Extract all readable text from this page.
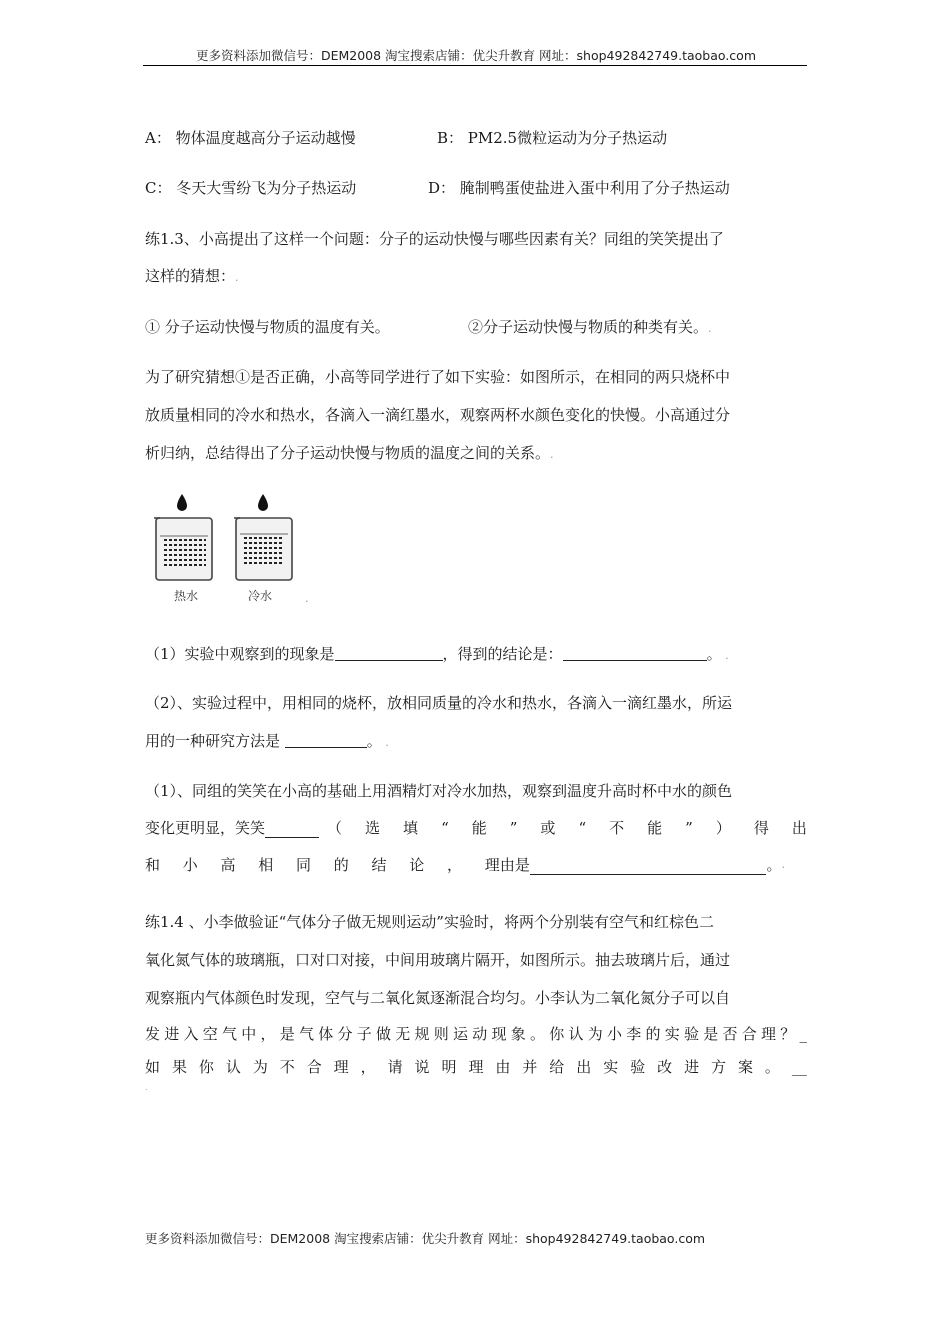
更多资料添加微信号：DEM2008 淘宝搜索店铺：优尖升教育 网址：shop492842749.taobao.com
A： 物体温度越高分子运动越慢	B： PM2.5微粒运动为分子热运动
C： 冬天大雪纷飞为分子热运动	D： 腌制鸭蛋使盐进入蛋中利用了分子热运动
练1.3、小高提出了这样一个问题：分子的运动快慢与哪些因素有关？同组的笑笑提出了
这样的猜想：.
① 分子运动快慢与物质的温度有关。	②分子运动快慢与物质的种类有关。.
为了研究猜想①是否正确，小高等同学进行了如下实验：如图所示，在相同的两只烧杯中
放质量相同的冷水和热水，各滴入一滴红墨水，观察两杯水颜色变化的快慢。小高通过分
析归纳，总结得出了分子运动快慢与物质的温度之间的关系。.
热水	冷水	.
（1）实验中观察到的现象是	，得到的结论是：	。 .
（2）、实验过程中，用相同的烧杯，放相同质量的冷水和热水，各滴入一滴红墨水，所运
用的一种研究方法是	。 .
（1）、同组的笑笑在小高的基础上用酒精灯对冷水加热，观察到温度升高时杯中水的颜色
变化更明显，笑笑	（ 选 填 “ 能 ” 或 “ 不 能 ” ） 得 出
和 小 高 相 同 的 结 论 ， 理 由是	。 .
练1.4 、小李做验证“气体分子做无规则运动”实验时，将两个分别装有空气和红棕色二
氧化氮气体的玻璃瓶，口对口对接，中间用玻璃片隔开，如图所示。抽去玻璃片后，通过
观察瓶内气体颜色时发现，空气与二氧化氮逐渐混合均匀。小李认为二氧化氮分子可以自
发 进 入 空 气 中 ， 是 气 体 分 子 做 无 规 则 运 动 现 象 。 你 认 为 小 李 的 实 验 是 否 合 理 ？ _
如 果 你 认 为 不 合 理 ， 请 说 明 理 由 并 给 出 实 验 改 进 方 案 。 __
.
更多资料添加微信号：DEM2008 淘宝搜索店铺：优尖升教育 网址：shop492842749.taobao.com
